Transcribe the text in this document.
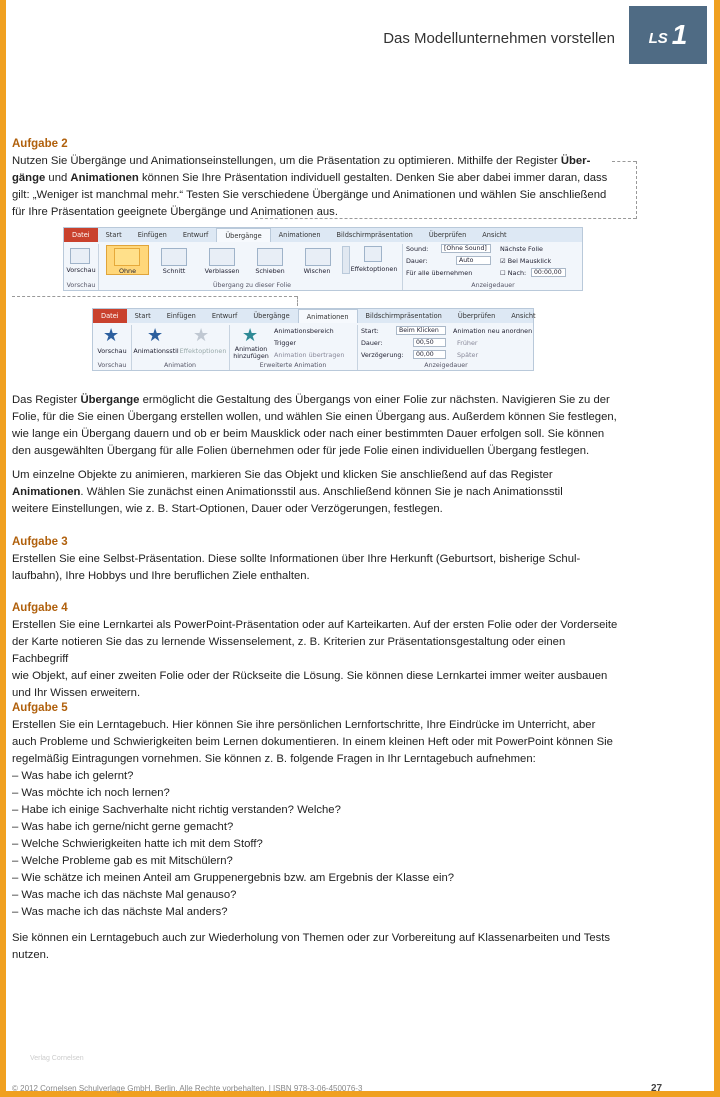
Das Modellunternehmen vorstellen LS 1
Aufgabe 2
Nutzen Sie Übergänge und Animationseinstellungen, um die Präsentation zu optimieren. Mithilfe der Register Über-
gänge und Animationen können Sie Ihre Präsentation individuell gestalten. Denken Sie aber dabei immer daran, dass
gilt: „Weniger ist manchmal mehr.“ Testen Sie verschiedene Übergänge und Animationen und wählen Sie anschließend
für Ihre Präsentation geeignete Übergänge und Animationen aus.
Datei	Start	Einfügen	Entwurf	Übergänge	Animationen	Bildschirmpräsentation	Überprüfen	Ansicht
Vorschau
Vorschau
Ohne	Schnitt	Verblassen	Schieben	Wischen	Effektoptionen
Übergang zu dieser Folie
Sound:	[Ohne Sound]
Dauer:	Auto
Für alle übernehmen
Nächste Folie
☑ Bei Mausklick
☐ Nach:	00:00,00
Anzeigedauer
Datei	Start	Einfügen	Entwurf	Übergänge	Animationen	Bildschirmpräsentation	Überprüfen	Ansicht
★
Vorschau
Vorschau
★
Animationsstil
★
Effektoptionen
Animation
★
Animation hinzufügen
Animationsbereich
Trigger
Animation übertragen
Erweiterte Animation
Start:	Beim Klicken
Dauer:	00,50
Verzögerung:	00,00
Animation neu anordnen
Früher
Später
Anzeigedauer
Das Register Übergange ermöglicht die Gestaltung des Übergangs von einer Folie zur nächsten. Navigieren Sie zu der
Folie, für die Sie einen Übergang erstellen wollen, und wählen Sie einen Übergang aus. Außerdem können Sie festlegen,
wie lange ein Übergang dauern und ob er beim Mausklick oder nach einer bestimmten Dauer erfolgen soll. Sie können
den ausgewählten Übergang für alle Folien übernehmen oder für jede Folie einen individuellen Übergang festlegen.
Um einzelne Objekte zu animieren, markieren Sie das Objekt und klicken Sie anschließend auf das Register
Animationen. Wählen Sie zunächst einen Animationsstil aus. Anschließend können Sie je nach Animationsstil
weitere Einstellungen, wie z. B. Start-Optionen, Dauer oder Verzögerungen, festlegen.
Aufgabe 3
Erstellen Sie eine Selbst-Präsentation. Diese sollte Informationen über Ihre Herkunft (Geburtsort, bisherige Schul-
laufbahn), Ihre Hobbys und Ihre beruflichen Ziele enthalten.
Aufgabe 4
Erstellen Sie eine Lernkartei als PowerPoint-Präsentation oder auf Karteikarten. Auf der ersten Folie oder der Vorderseite
der Karte notieren Sie das zu lernende Wissenselement, z. B. Kriterien zur Präsentationsgestaltung oder einen Fachbegriff
wie Objekt, auf einer zweiten Folie oder der Rückseite die Lösung. Sie können diese Lernkartei immer weiter ausbauen
und Ihr Wissen erweitern.
Aufgabe 5
Erstellen Sie ein Lerntagebuch. Hier können Sie ihre persönlichen Lernfortschritte, Ihre Eindrücke im Unterricht, aber
auch Probleme und Schwierigkeiten beim Lernen dokumentieren. In einem kleinen Heft oder mit PowerPoint können Sie
regelmäßig Eintragungen vornehmen. Sie können z. B. folgende Fragen in Ihr Lerntagebuch aufnehmen:
– Was habe ich gelernt?
– Was möchte ich noch lernen?
– Habe ich einige Sachverhalte nicht richtig verstanden? Welche?
– Was habe ich gerne/nicht gerne gemacht?
– Welche Schwierigkeiten hatte ich mit dem Stoff?
– Welche Probleme gab es mit Mitschülern?
– Wie schätze ich meinen Anteil am Gruppenergebnis bzw. am Ergebnis der Klasse ein?
– Was mache ich das nächste Mal genauso?
– Was mache ich das nächste Mal anders?
Sie können ein Lerntagebuch auch zur Wiederholung von Themen oder zur Vorbereitung auf Klassenarbeiten und Tests
nutzen.
Verlag Cornelsen
© 2012 Cornelsen Schulverlage GmbH, Berlin. Alle Rechte vorbehalten. | ISBN 978-3-06-450076-3	27
